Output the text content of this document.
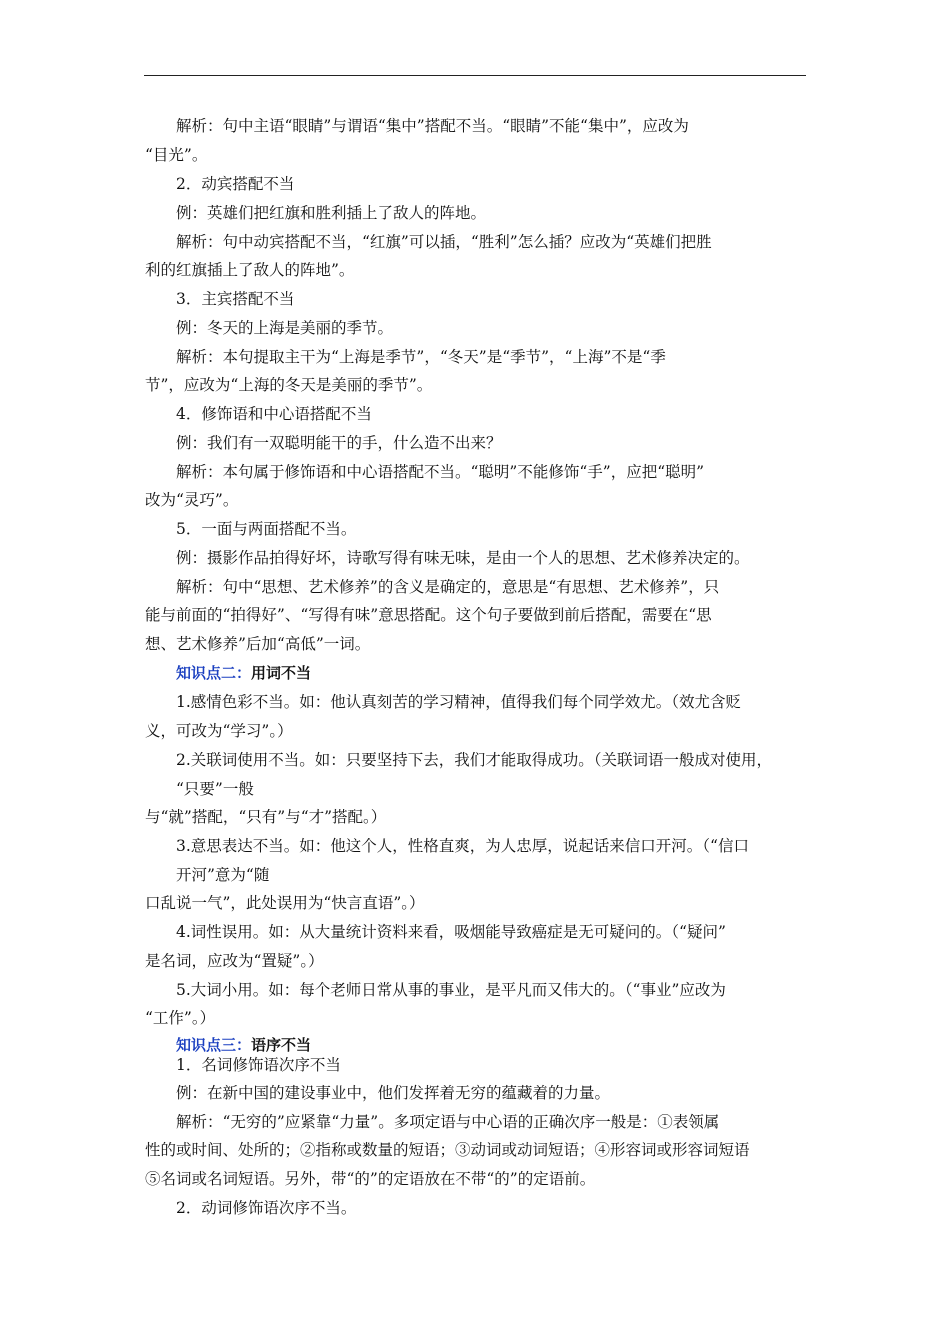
解析：句中主语“眼睛”与谓语“集中”搭配不当。“眼睛”不能“集中”，应改为
“目光”。
2．动宾搭配不当
例：英雄们把红旗和胜利插上了敌人的阵地。
解析：句中动宾搭配不当，“红旗”可以插，“胜利”怎么插？应改为“英雄们把胜
利的红旗插上了敌人的阵地”。
3．主宾搭配不当
例：冬天的上海是美丽的季节。
解析：本句提取主干为“上海是季节”，“冬天”是“季节”，“上海”不是“季
节”，应改为“上海的冬天是美丽的季节”。
4．修饰语和中心语搭配不当
例：我们有一双聪明能干的手，什么造不出来？
解析：本句属于修饰语和中心语搭配不当。“聪明”不能修饰“手”，应把“聪明”
改为“灵巧”。
5．一面与两面搭配不当。
例：摄影作品拍得好坏，诗歌写得有味无味，是由一个人的思想、艺术修养决定的。
解析：句中“思想、艺术修养”的含义是确定的，意思是“有思想、艺术修养”，只
能与前面的“拍得好”、“写得有味”意思搭配。这个句子要做到前后搭配，需要在“思
想、艺术修养”后加“高低”一词。
知识点二：用词不当
1.感情色彩不当。如：他认真刻苦的学习精神，值得我们每个同学效尤。（效尤含贬
义，可改为“学习”。）
2.关联词使用不当。如：只要坚持下去，我们才能取得成功。（关联词语一般成对使用，
“只要”一般
与“就”搭配，“只有”与“才”搭配。）
3.意思表达不当。如：他这个人，性格直爽，为人忠厚，说起话来信口开河。（“信口
开河”意为“随
口乱说一气”，此处误用为“快言直语”。）
4.词性误用。如：从大量统计资料来看，吸烟能导致癌症是无可疑问的。（“疑问”
是名词，应改为“置疑”。）
5.大词小用。如：每个老师日常从事的事业，是平凡而又伟大的。（“事业”应改为
“工作”。）
知识点三：语序不当
1．名词修饰语次序不当
例：在新中国的建设事业中，他们发挥着无穷的蕴藏着的力量。
解析：“无穷的”应紧靠“力量”。多项定语与中心语的正确次序一般是：①表领属
性的或时间、处所的；②指称或数量的短语；③动词或动词短语；④形容词或形容词短语
⑤名词或名词短语。另外，带“的”的定语放在不带“的”的定语前。
2．动词修饰语次序不当。
